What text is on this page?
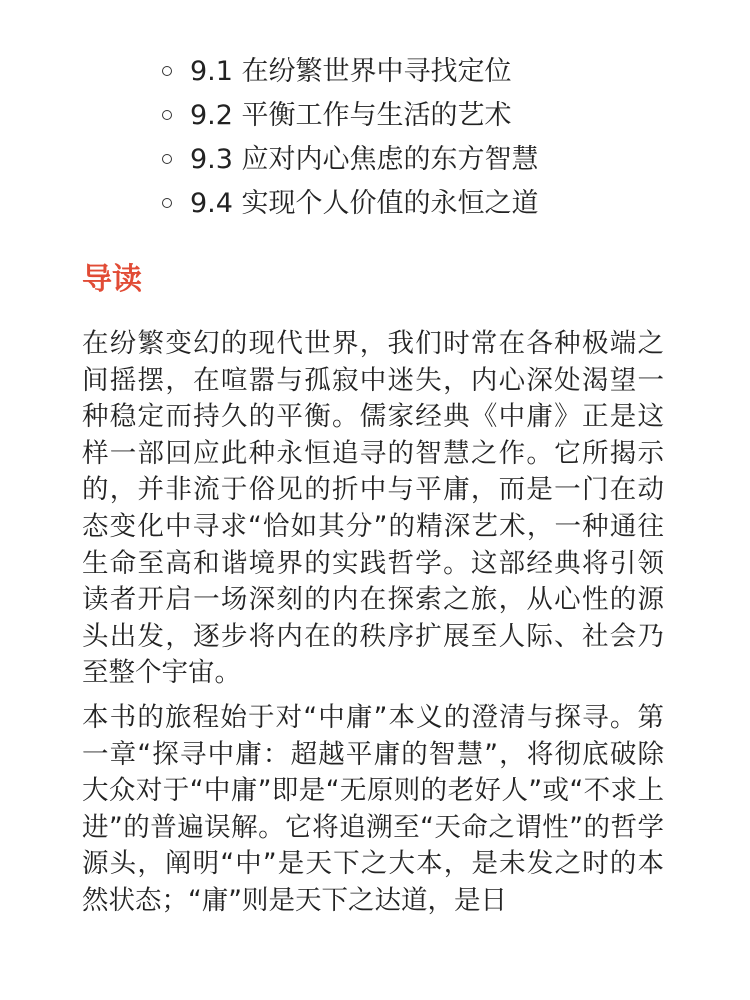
9.1 在纷繁世界中寻找定位
9.2 平衡工作与生活的艺术
9.3 应对内心焦虑的东方智慧
9.4 实现个人价值的永恒之道
导读

在纷繁变幻的现代世界，我们时常在各种极端之间摇摆，在喧嚣与孤寂中迷失，内心深处渴望一种稳定而持久的平衡。儒家经典《中庸》正是这样一部回应此种永恒追寻的智慧之作。它所揭示的，并非流于俗见的折中与平庸，而是一门在动态变化中寻求“恰如其分”的精深艺术，一种通往生命至高和谐境界的实践哲学。这部经典将引领读者开启一场深刻的内在探索之旅，从心性的源头出发，逐步将内在的秩序扩展至人际、社会乃至整个宇宙。

本书的旅程始于对“中庸”本义的澄清与探寻。第一章“探寻中庸：超越平庸的智慧”，将彻底破除大众对于“中庸”即是“无原则的老好人”或“不求上进”的普遍误解。它将追溯至“天命之谓性”的哲学源头，阐明“中”是天下之大本，是未发之时的本然状态；“庸”则是天下之达道，是日
